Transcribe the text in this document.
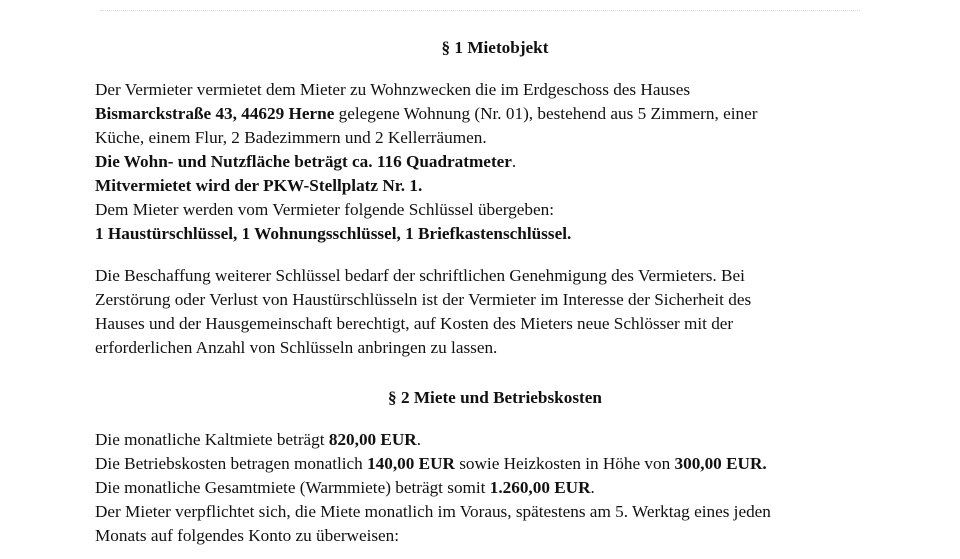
§ 1 Mietobjekt
Der Vermieter vermietet dem Mieter zu Wohnzwecken die im Erdgeschoss des Hauses
Bismarckstraße 43, 44629 Herne gelegene Wohnung (Nr. 01), bestehend aus 5 Zimmern, einer
Küche, einem Flur, 2 Badezimmern und 2 Kellerräumen.
Die Wohn- und Nutzfläche beträgt ca. 116 Quadratmeter.
Mitvermietet wird der PKW-Stellplatz Nr. 1.
Dem Mieter werden vom Vermieter folgende Schlüssel übergeben:
1 Haustürschlüssel, 1 Wohnungsschlüssel, 1 Briefkastenschlüssel.
Die Beschaffung weiterer Schlüssel bedarf der schriftlichen Genehmigung des Vermieters. Bei
Zerstörung oder Verlust von Haustürschlüsseln ist der Vermieter im Interesse der Sicherheit des
Hauses und der Hausgemeinschaft berechtigt, auf Kosten des Mieters neue Schlösser mit der
erforderlichen Anzahl von Schlüsseln anbringen zu lassen.
§ 2 Miete und Betriebskosten
Die monatliche Kaltmiete beträgt 820,00 EUR.
Die Betriebskosten betragen monatlich 140,00 EUR sowie Heizkosten in Höhe von 300,00 EUR.
Die monatliche Gesamtmiete (Warmmiete) beträgt somit 1.260,00 EUR.
Der Mieter verpflichtet sich, die Miete monatlich im Voraus, spätestens am 5. Werktag eines jeden
Monats auf folgendes Konto zu überweisen:
